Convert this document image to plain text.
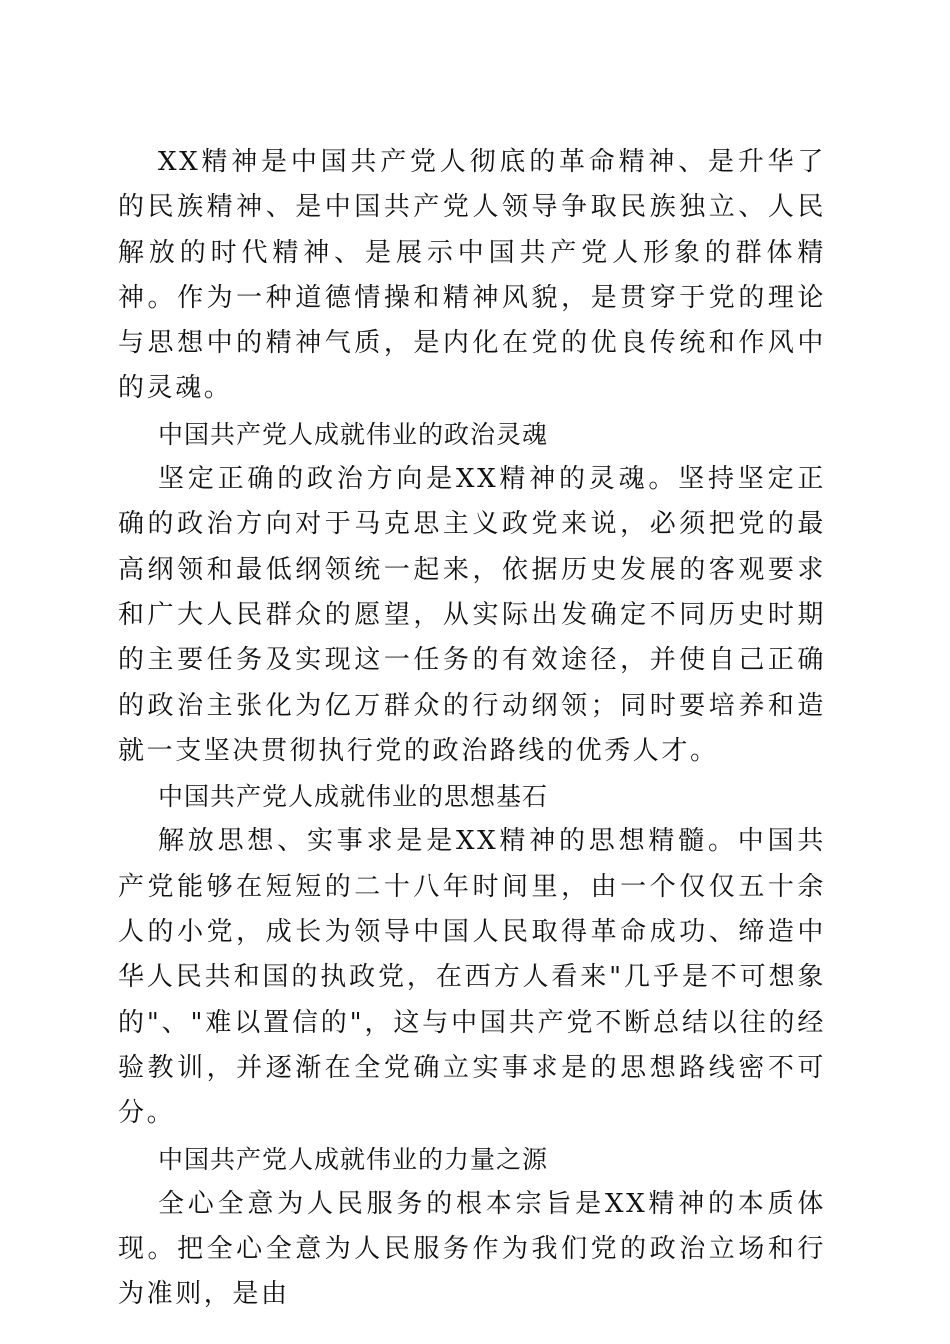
XX精神是中国共产党人彻底的革命精神、是升华了的民族精神、是中国共产党人领导争取民族独立、人民解放的时代精神、是展示中国共产党人形象的群体精神。作为一种道德情操和精神风貌，是贯穿于党的理论与思想中的精神气质，是内化在党的优良传统和作风中的灵魂。

中国共产党人成就伟业的政治灵魂

坚定正确的政治方向是XX精神的灵魂。坚持坚定正确的政治方向对于马克思主义政党来说，必须把党的最高纲领和最低纲领统一起来，依据历史发展的客观要求和广大人民群众的愿望，从实际出发确定不同历史时期的主要任务及实现这一任务的有效途径，并使自己正确的政治主张化为亿万群众的行动纲领；同时要培养和造就一支坚决贯彻执行党的政治路线的优秀人才。

中国共产党人成就伟业的思想基石

解放思想、实事求是是XX精神的思想精髓。中国共产党能够在短短的二十八年时间里，由一个仅仅五十余人的小党，成长为领导中国人民取得革命成功、缔造中华人民共和国的执政党，在西方人看来"几乎是不可想象的"、"难以置信的"，这与中国共产党不断总结以往的经验教训，并逐渐在全党确立实事求是的思想路线密不可分。

中国共产党人成就伟业的力量之源

全心全意为人民服务的根本宗旨是XX精神的本质体现。把全心全意为人民服务作为我们党的政治立场和行为准则，是由
